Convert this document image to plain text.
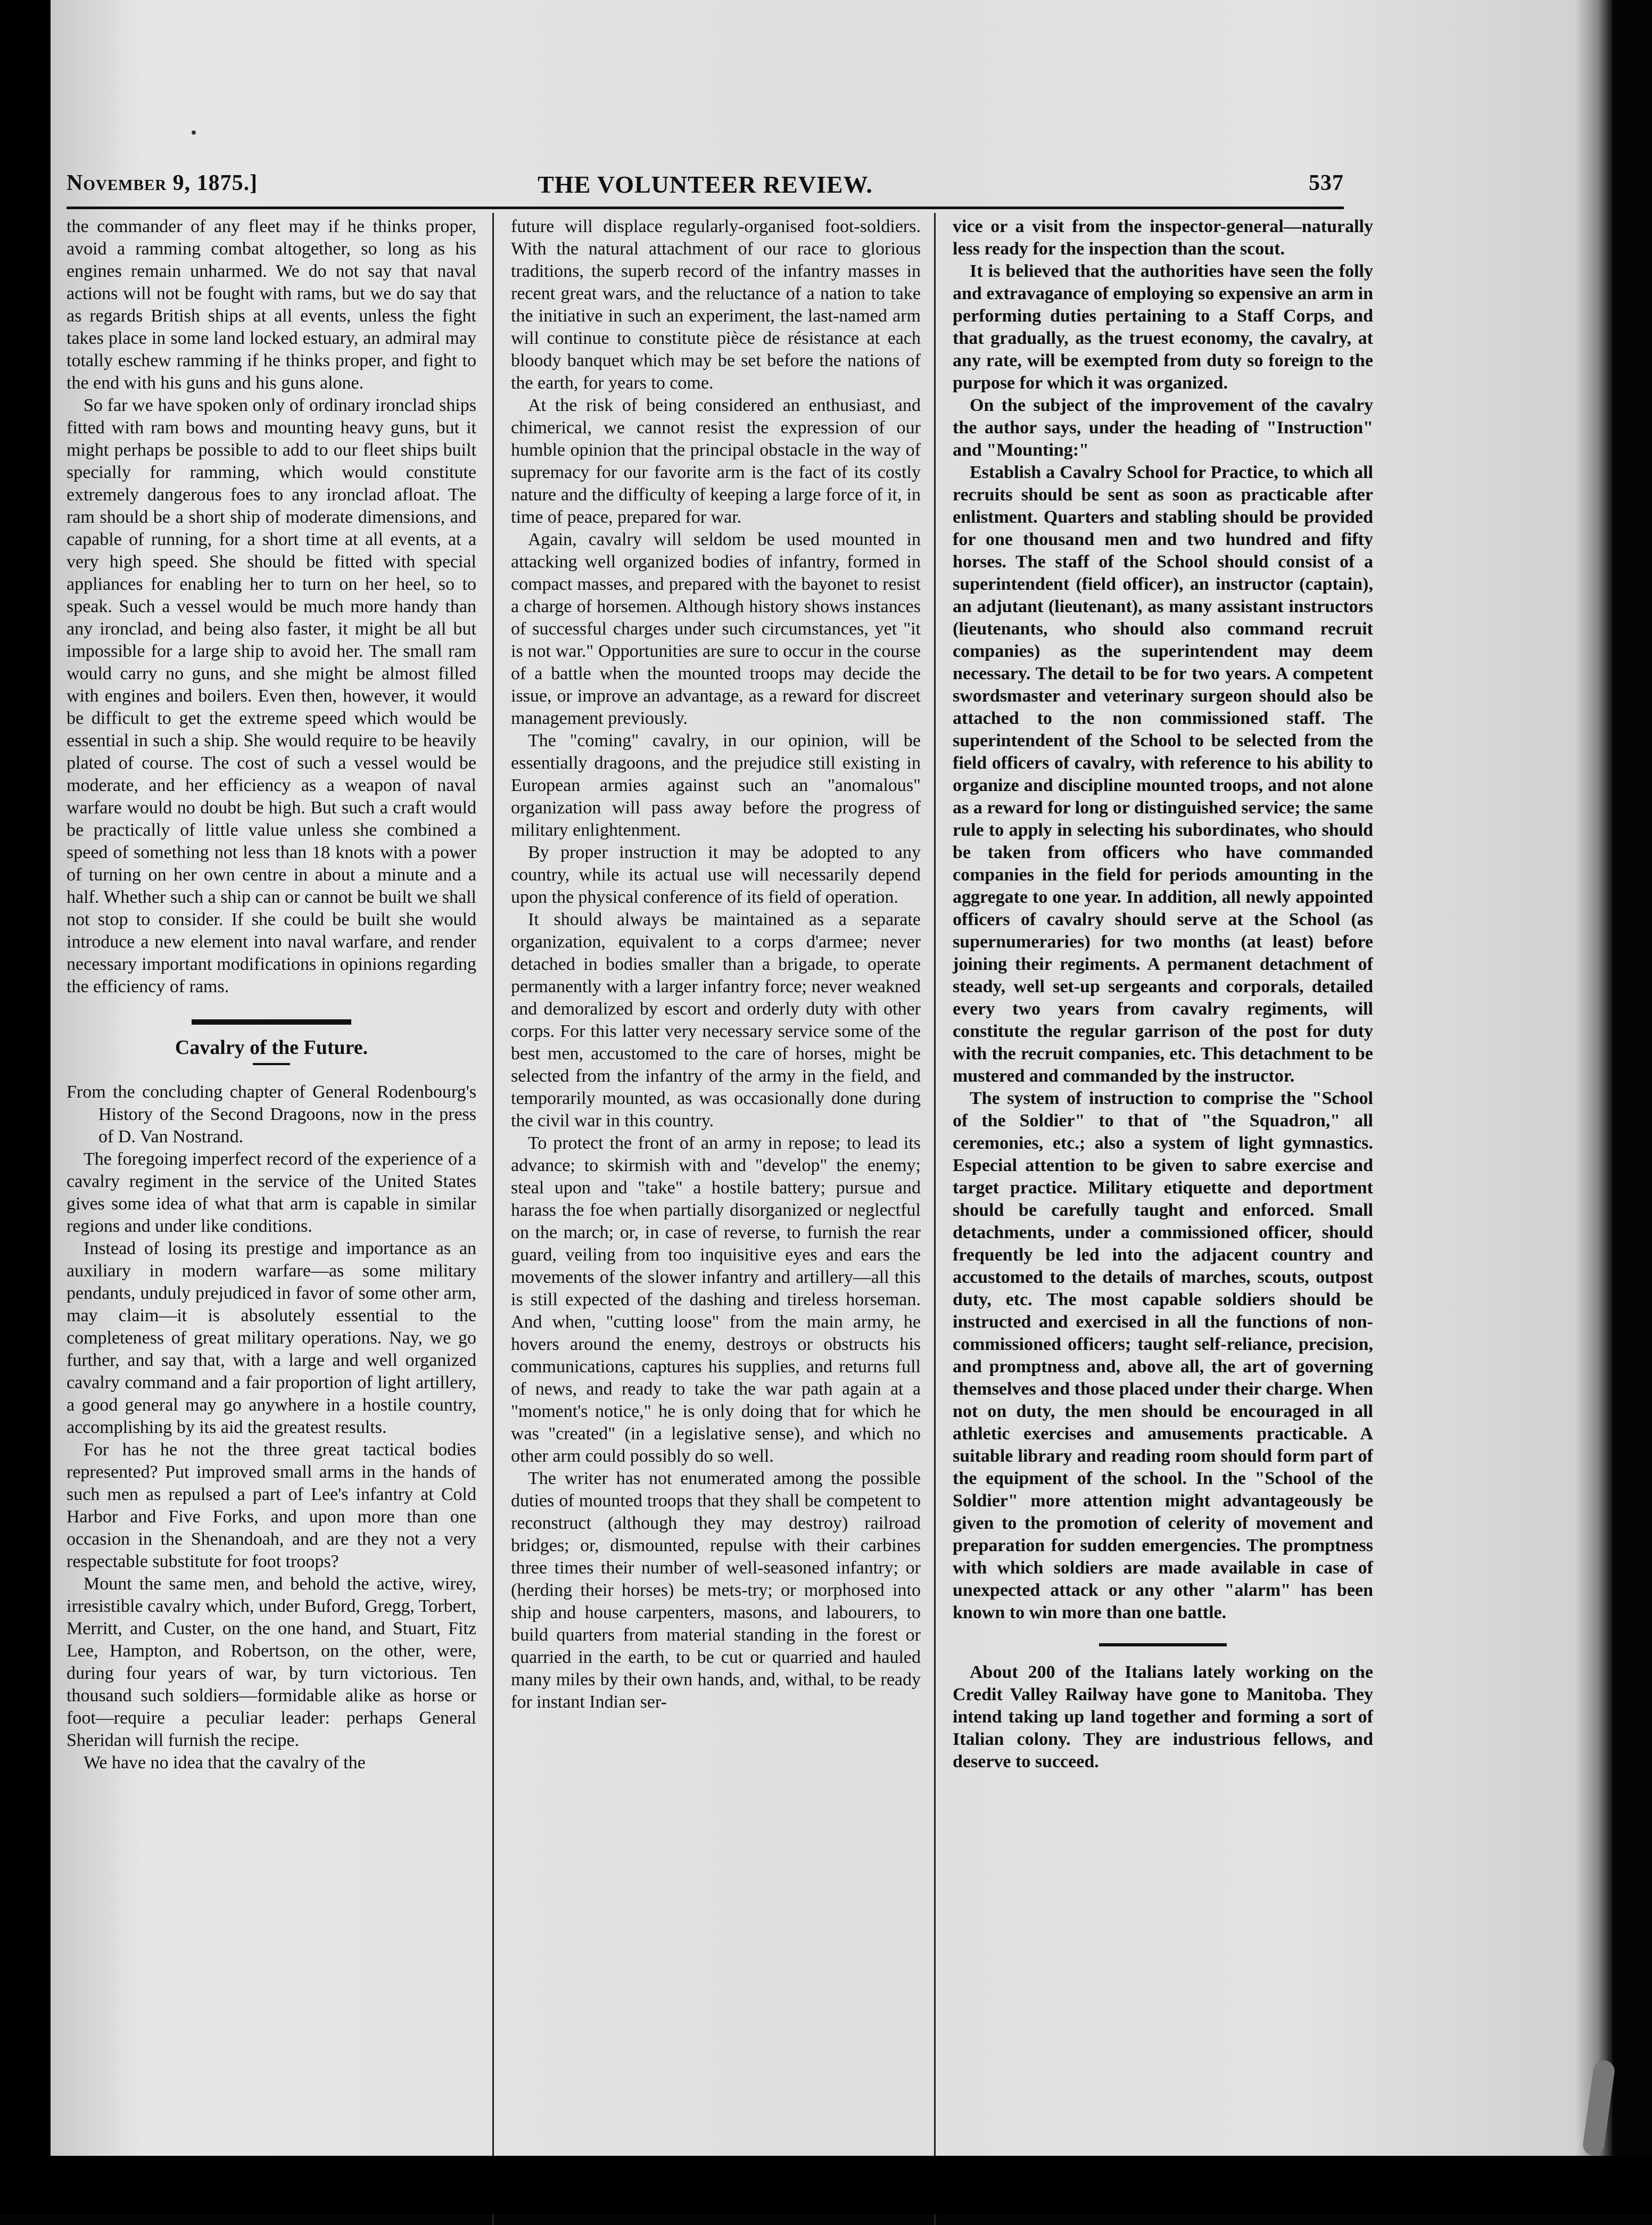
November 9, 1875.]	THE VOLUNTEER REVIEW.	537

the commander of any fleet may if he thinks proper, avoid a ramming combat altogether, so long as his engines remain unharmed. We do not say that naval actions will not be fought with rams, but we do say that as regards British ships at all events, unless the fight takes place in some land locked estuary, an admiral may totally eschew ramming if he thinks proper, and fight to the end with his guns and his guns alone.

So far we have spoken only of ordinary ironclad ships fitted with ram bows and mounting heavy guns, but it might perhaps be possible to add to our fleet ships built specially for ramming, which would constitute extremely dangerous foes to any ironclad afloat. The ram should be a short ship of moderate dimensions, and capable of running, for a short time at all events, at a very high speed. She should be fitted with special appliances for enabling her to turn on her heel, so to speak. Such a vessel would be much more handy than any ironclad, and being also faster, it might be all but impossible for a large ship to avoid her. The small ram would carry no guns, and she might be almost filled with engines and boilers. Even then, however, it would be difficult to get the extreme speed which would be essential in such a ship. She would require to be heavily plated of course. The cost of such a vessel would be moderate, and her efficiency as a weapon of naval warfare would no doubt be high. But such a craft would be practically of little value unless she combined a speed of something not less than 18 knots with a power of turning on her own centre in about a minute and a half. Whether such a ship can or cannot be built we shall not stop to consider. If she could be built she would introduce a new element into naval warfare, and render necessary important modifications in opinions regarding the efficiency of rams.

Cavalry of the Future.

From the concluding chapter of General Rodenbourg's History of the Second Dragoons, now in the press of D. Van Nostrand.

The foregoing imperfect record of the experience of a cavalry regiment in the service of the United States gives some idea of what that arm is capable in similar regions and under like conditions.

Instead of losing its prestige and importance as an auxiliary in modern warfare—as some military pendants, unduly prejudiced in favor of some other arm, may claim—it is absolutely essential to the completeness of great military operations. Nay, we go further, and say that, with a large and well organized cavalry command and a fair proportion of light artillery, a good general may go anywhere in a hostile country, accomplishing by its aid the greatest results.

For has he not the three great tactical bodies represented? Put improved small arms in the hands of such men as repulsed a part of Lee's infantry at Cold Harbor and Five Forks, and upon more than one occasion in the Shenandoah, and are they not a very respectable substitute for foot troops?

Mount the same men, and behold the active, wirey, irresistible cavalry which, under Buford, Gregg, Torbert, Merritt, and Custer, on the one hand, and Stuart, Fitz Lee, Hampton, and Robertson, on the other, were, during four years of war, by turn victorious. Ten thousand such soldiers—formidable alike as horse or foot—require a peculiar leader: perhaps General Sheridan will furnish the recipe.

We have no idea that the cavalry of the

future will displace regularly-organised foot-soldiers. With the natural attachment of our race to glorious traditions, the superb record of the infantry masses in recent great wars, and the reluctance of a nation to take the initiative in such an experiment, the last-named arm will continue to constitute pièce de résistance at each bloody banquet which may be set before the nations of the earth, for years to come.

At the risk of being considered an enthusiast, and chimerical, we cannot resist the expression of our humble opinion that the principal obstacle in the way of supremacy for our favorite arm is the fact of its costly nature and the difficulty of keeping a large force of it, in time of peace, prepared for war.

Again, cavalry will seldom be used mounted in attacking well organized bodies of infantry, formed in compact masses, and prepared with the bayonet to resist a charge of horsemen. Although history shows instances of successful charges under such circumstances, yet "it is not war." Opportunities are sure to occur in the course of a battle when the mounted troops may decide the issue, or improve an advantage, as a reward for discreet management previously.

The "coming" cavalry, in our opinion, will be essentially dragoons, and the prejudice still existing in European armies against such an "anomalous" organization will pass away before the progress of military enlightenment.

By proper instruction it may be adopted to any country, while its actual use will necessarily depend upon the physical conference of its field of operation.

It should always be maintained as a separate organization, equivalent to a corps d'armee; never detached in bodies smaller than a brigade, to operate permanently with a larger infantry force; never weakned and demoralized by escort and orderly duty with other corps. For this latter very necessary service some of the best men, accustomed to the care of horses, might be selected from the infantry of the army in the field, and temporarily mounted, as was occasionally done during the civil war in this country.

To protect the front of an army in repose; to lead its advance; to skirmish with and "develop" the enemy; steal upon and "take" a hostile battery; pursue and harass the foe when partially disorganized or neglectful on the march; or, in case of reverse, to furnish the rear guard, veiling from too inquisitive eyes and ears the movements of the slower infantry and artillery—all this is still expected of the dashing and tireless horseman. And when, "cutting loose" from the main army, he hovers around the enemy, destroys or obstructs his communications, captures his supplies, and returns full of news, and ready to take the war path again at a "moment's notice," he is only doing that for which he was "created" (in a legislative sense), and which no other arm could possibly do so well.

The writer has not enumerated among the possible duties of mounted troops that they shall be competent to reconstruct (although they may destroy) railroad bridges; or, dismounted, repulse with their carbines three times their number of well-seasoned infantry; or (herding their horses) be mets-try; or morphosed into ship and house carpenters, masons, and labourers, to build quarters from material standing in the forest or quarried in the earth, to be cut or quarried and hauled many miles by their own hands, and, withal, to be ready for instant Indian ser-

vice or a visit from the inspector-general—naturally less ready for the inspection than the scout.

It is believed that the authorities have seen the folly and extravagance of employing so expensive an arm in performing duties pertaining to a Staff Corps, and that gradually, as the truest economy, the cavalry, at any rate, will be exempted from duty so foreign to the purpose for which it was organized.

On the subject of the improvement of the cavalry the author says, under the heading of "Instruction" and "Mounting:"

Establish a Cavalry School for Practice, to which all recruits should be sent as soon as practicable after enlistment. Quarters and stabling should be provided for one thousand men and two hundred and fifty horses. The staff of the School should consist of a superintendent (field officer), an instructor (captain), an adjutant (lieutenant), as many assistant instructors (lieutenants, who should also command recruit companies) as the superintendent may deem necessary. The detail to be for two years. A competent swordsmaster and veterinary surgeon should also be attached to the non commissioned staff. The superintendent of the School to be selected from the field officers of cavalry, with reference to his ability to organize and discipline mounted troops, and not alone as a reward for long or distinguished service; the same rule to apply in selecting his subordinates, who should be taken from officers who have commanded companies in the field for periods amounting in the aggregate to one year. In addition, all newly appointed officers of cavalry should serve at the School (as supernumeraries) for two months (at least) before joining their regiments. A permanent detachment of steady, well set-up sergeants and corporals, detailed every two years from cavalry regiments, will constitute the regular garrison of the post for duty with the recruit companies, etc. This detachment to be mustered and commanded by the instructor.

The system of instruction to comprise the "School of the Soldier" to that of "the Squadron," all ceremonies, etc.; also a system of light gymnastics. Especial attention to be given to sabre exercise and target practice. Military etiquette and deportment should be carefully taught and enforced. Small detachments, under a commissioned officer, should frequently be led into the adjacent country and accustomed to the details of marches, scouts, outpost duty, etc. The most capable soldiers should be instructed and exercised in all the functions of non-commissioned officers; taught self-reliance, precision, and promptness and, above all, the art of governing themselves and those placed under their charge. When not on duty, the men should be encouraged in all athletic exercises and amusements practicable. A suitable library and reading room should form part of the equipment of the school. In the "School of the Soldier" more attention might advantageously be given to the promotion of celerity of movement and preparation for sudden emergencies. The promptness with which soldiers are made available in case of unexpected attack or any other "alarm" has been known to win more than one battle.

About 200 of the Italians lately working on the Credit Valley Railway have gone to Manitoba. They intend taking up land together and forming a sort of Italian colony. They are industrious fellows, and deserve to succeed.
